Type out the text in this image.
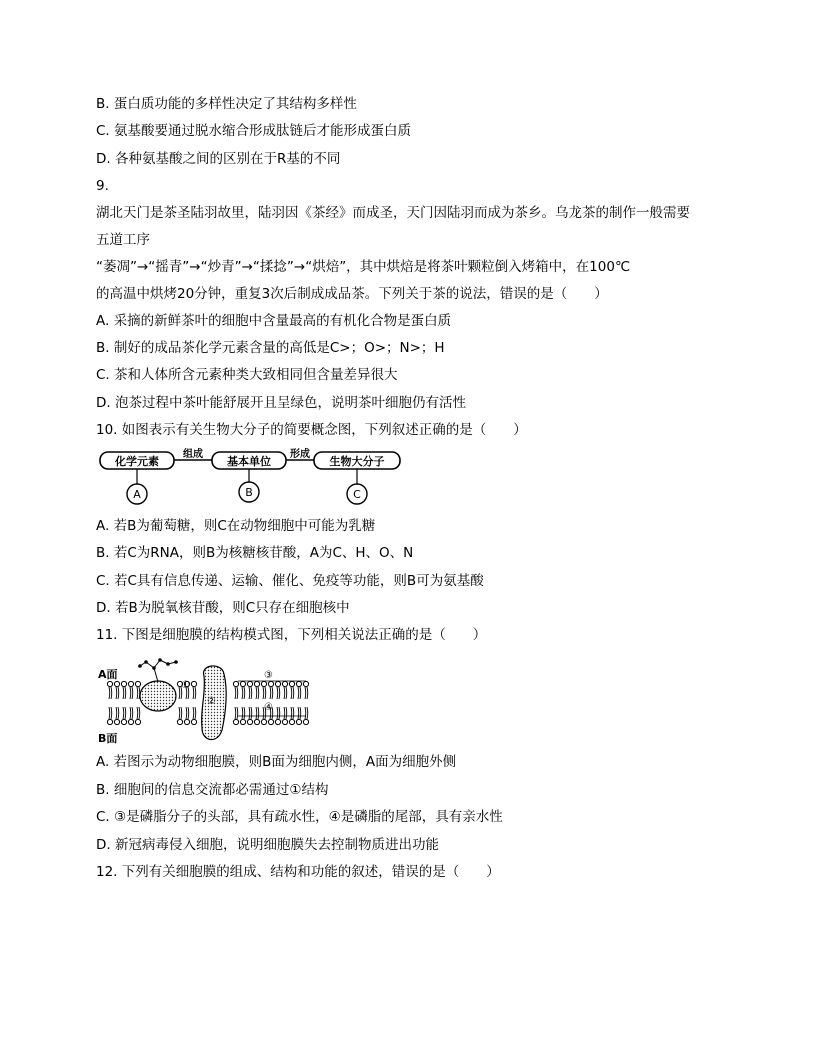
B. 蛋白质功能的多样性决定了其结构多样性
C. 氨基酸要通过脱水缩合形成肽链后才能形成蛋白质
D. 各种氨基酸之间的区别在于R基的不同
9.
湖北天门是茶圣陆羽故里，陆羽因《茶经》而成圣，天门因陆羽而成为茶乡。乌龙茶的制作一般需要
五道工序
“萎凋”→“摇青”→“炒青”→“揉捻”→“烘焙”，其中烘焙是将茶叶颗粒倒入烤箱中，在100℃
的高温中烘烤20分钟，重复3次后制成成品茶。下列关于茶的说法，错误的是（　　）
A. 采摘的新鲜茶叶的细胞中含量最高的有机化合物是蛋白质
B. 制好的成品茶化学元素含量的高低是C>；O>；N>；H
C. 茶和人体所含元素种类大致相同但含量差异很大
D. 泡茶过程中茶叶能舒展开且呈绿色，说明茶叶细胞仍有活性
10. 如图表示有关生物大分子的简要概念图，下列叙述正确的是（　　）
化学元素	基本单位	生物大分子
组成	形成
A	B	C
A. 若B为葡萄糖，则C在动物细胞中可能为乳糖
B. 若C为RNA，则B为核糖核苷酸，A为C、H、O、N
C. 若C具有信息传递、运输、催化、免疫等功能，则B可为氨基酸
D. 若B为脱氧核苷酸，则C只存在细胞核中
11. 下图是细胞膜的结构模式图，下列相关说法正确的是（　　）
A面
B面
①
②
③
④
A. 若图示为动物细胞膜，则B面为细胞内侧，A面为细胞外侧
B. 细胞间的信息交流都必需通过①结构
C. ③是磷脂分子的头部，具有疏水性，④是磷脂的尾部，具有亲水性
D. 新冠病毒侵入细胞，说明细胞膜失去控制物质进出功能
12. 下列有关细胞膜的组成、结构和功能的叙述，错误的是（　　）
